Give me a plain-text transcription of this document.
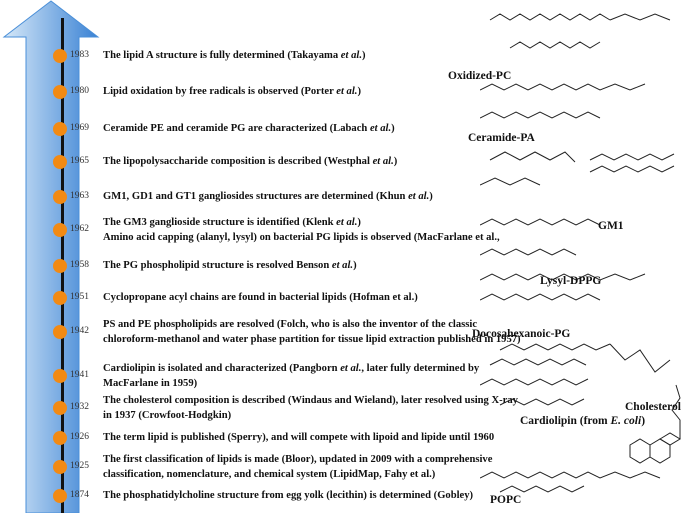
1983 The lipid A structure is fully determined (Takayama et al.)
1980 Lipid oxidation by free radicals is observed (Porter et al.)
1969 Ceramide PE and ceramide PG are characterized (Labach et al.)
1965 The lipopolysaccharide composition is described (Westphal et al.)
1963 GM1, GD1 and GT1 gangliosides structures are determined (Khun et al.)
1962
The GM3 ganglioside structure is identified (Klenk et al.)
Amino acid capping (alanyl, lysyl) on bacterial PG lipids is observed (MacFarlane et al.,
1958 The PG phospholipid structure is resolved Benson et al.)
1951 Cyclopropane acyl chains are found in bacterial lipids (Hofman et al.)
1942
PS and PE phospholipids are resolved (Folch, who is also the inventor of the classic
chloroform-methanol and water phase partition for tissue lipid extraction published in 1957)
1941
Cardiolipin is isolated and characterized (Pangborn et al., later fully determined by
MacFarlane in 1959)
1932
The cholesterol composition is described (Windaus and Wieland), later resolved using X-ray
in 1937 (Crowfoot-Hodgkin)
1926 The term lipid is published (Sperry), and will compete with lipoid and lipide until 1960
1925
The first classification of lipids is made (Bloor), updated in 2009 with a comprehensive
classification, nomenclature, and chemical system (LipidMap, Fahy et al.)
1874 The phosphatidylcholine structure from egg yolk (lecithin) is determined (Gobley)
Oxidized-PC
Ceramide-PA
GM1
Lysyl-DPPG
Docosahexanoic-PG
Cardiolipin (from E. coli)
Cholesterol
POPC
